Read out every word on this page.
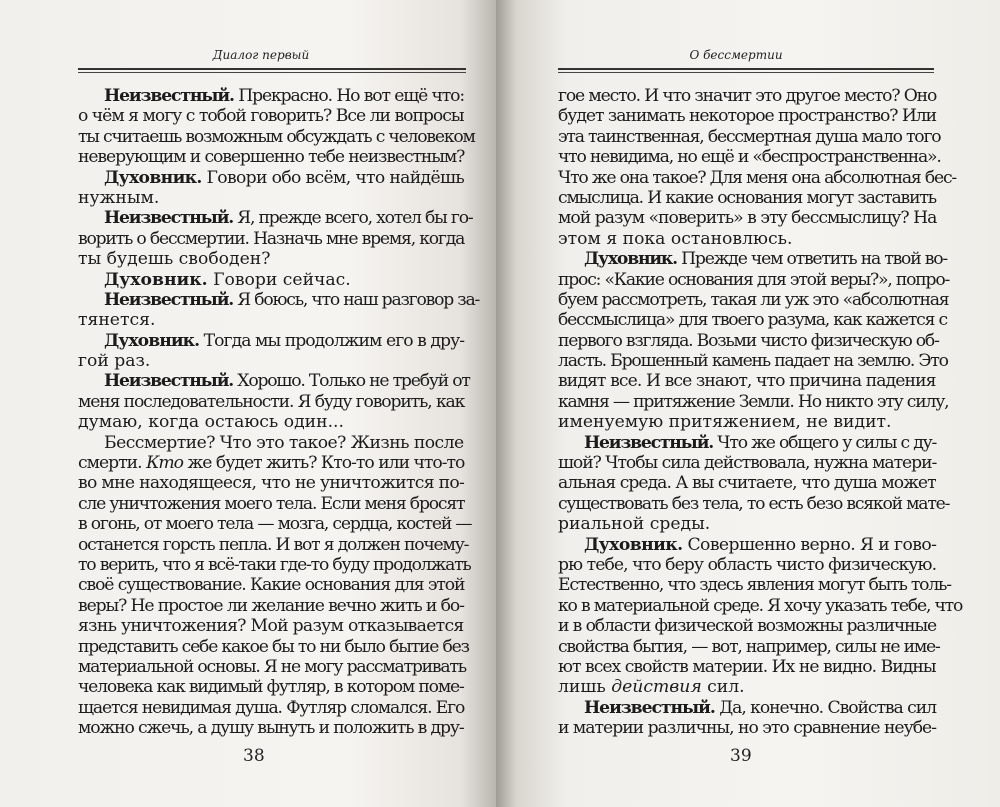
Диалог первый
Неизвестный. Прекрасно. Но вот ещё что:
о чём я могу с тобой говорить? Все ли вопросы
ты считаешь возможным обсуждать с человеком
неверующим и совершенно тебе неизвестным?
Духовник. Говори обо всём, что найдёшь
нужным.
Неизвестный. Я, прежде всего, хотел бы го-
ворить о бессмертии. Назначь мне время, когда
ты будешь свободен?
Духовник. Говори сейчас.
Неизвестный. Я боюсь, что наш разговор за-
тянется.
Духовник. Тогда мы продолжим его в дру-
гой раз.
Неизвестный. Хорошо. Только не требуй от
меня последовательности. Я буду говорить, как
думаю, когда остаюсь один...
Бессмертие? Что это такое? Жизнь после
смерти. Кто же будет жить? Кто-то или что-то
во мне находящееся, что не уничтожится по-
сле уничтожения моего тела. Если меня бросят
в огонь, от моего тела — мозга, сердца, костей —
останется горсть пепла. И вот я должен почему-
то верить, что я всё-таки где-то буду продолжать
своё существование. Какие основания для этой
веры? Не простое ли желание вечно жить и бо-
язнь уничтожения? Мой разум отказывается
представить себе какое бы то ни было бытие без
материальной основы. Я не могу рассматривать
человека как видимый футляр, в котором поме-
щается невидимая душа. Футляр сломался. Его
можно сжечь, а душу вынуть и положить в дру-
38
О бессмертии
гое место. И что значит это другое место? Оно
будет занимать некоторое пространство? Или
эта таинственная, бессмертная душа мало того
что невидима, но ещё и «беспространственна».
Что же она такое? Для меня она абсолютная бес-
смыслица. И какие основания могут заставить
мой разум «поверить» в эту бессмыслицу? На
этом я пока остановлюсь.
Духовник. Прежде чем ответить на твой во-
прос: «Какие основания для этой веры?», попро-
буем рассмотреть, такая ли уж это «абсолютная
бессмыслица» для твоего разума, как кажется с
первого взгляда. Возьми чисто физическую об-
ласть. Брошенный камень падает на землю. Это
видят все. И все знают, что причина падения
камня — притяжение Земли. Но никто эту силу,
именуемую притяжением, не видит.
Неизвестный. Что же общего у силы с ду-
шой? Чтобы сила действовала, нужна матери-
альная среда. А вы считаете, что душа может
существовать без тела, то есть безо всякой мате-
риальной среды.
Духовник. Совершенно верно. Я и гово-
рю тебе, что беру область чисто физическую.
Естественно, что здесь явления могут быть толь-
ко в материальной среде. Я хочу указать тебе, что
и в области физической возможны различные
свойства бытия, — вот, например, силы не име-
ют всех свойств материи. Их не видно. Видны
лишь действия сил.
Неизвестный. Да, конечно. Свойства сил
и материи различны, но это сравнение неубе-
39
